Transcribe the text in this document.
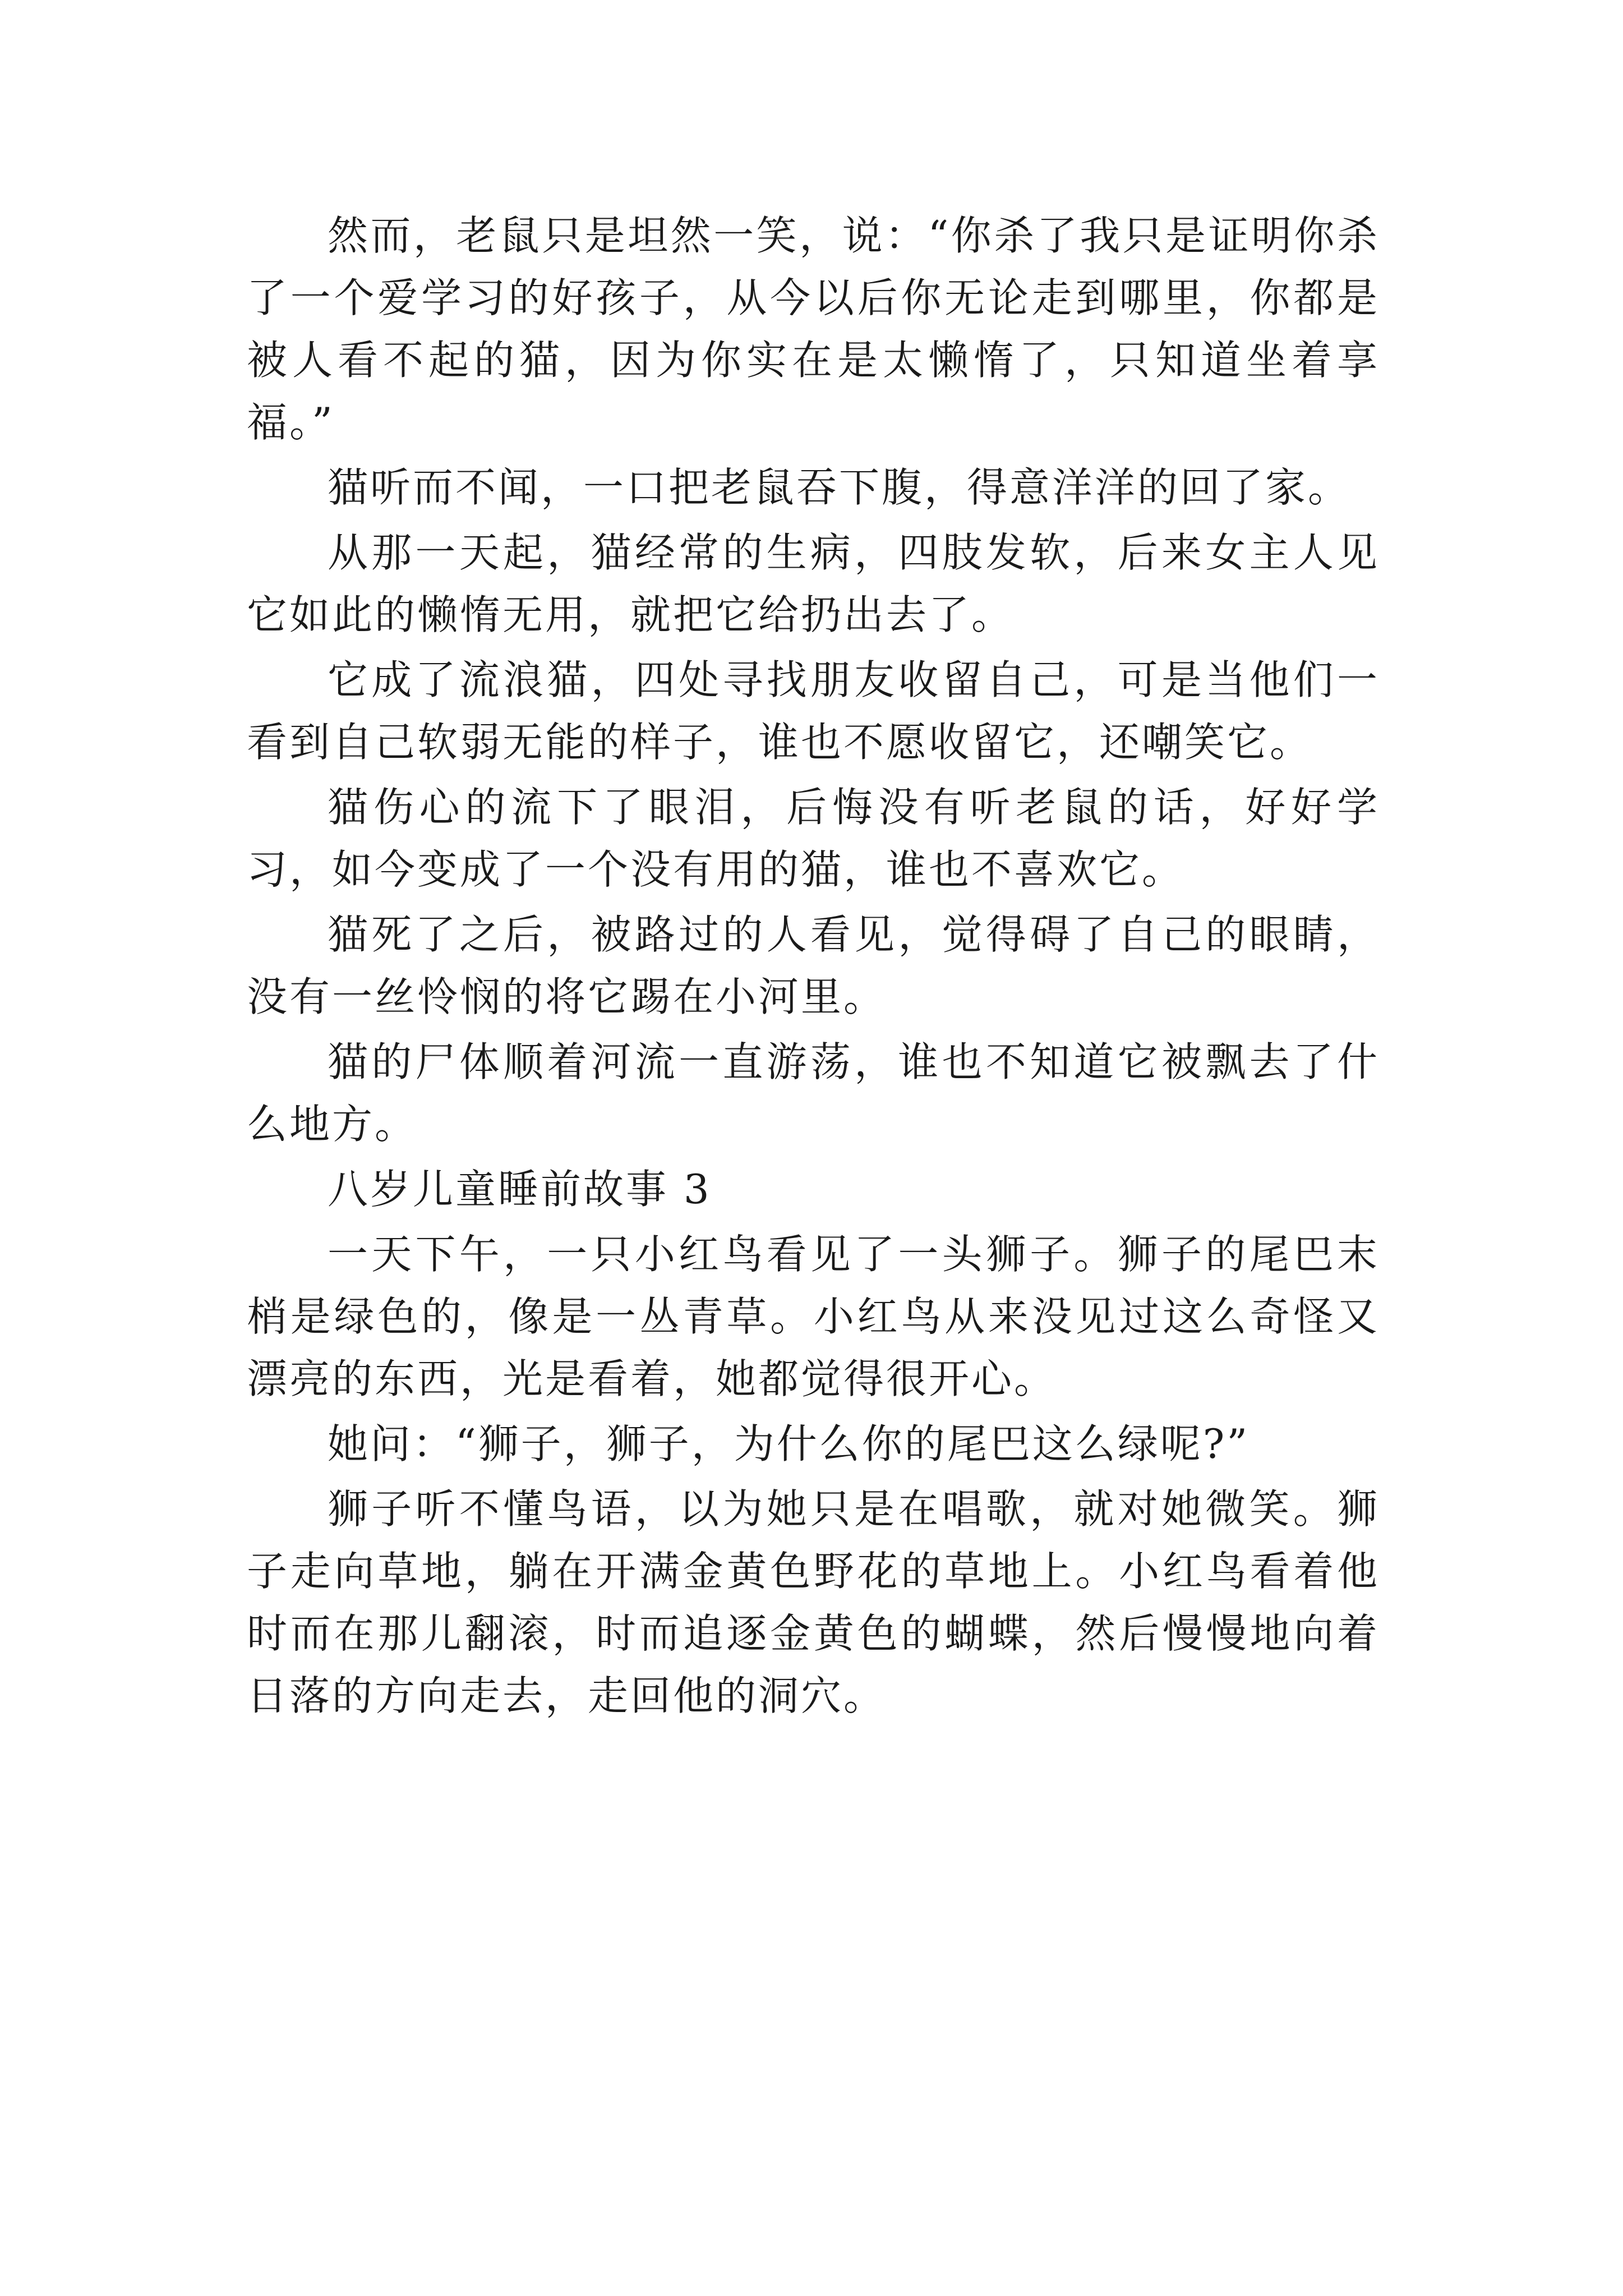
然而，老鼠只是坦然一笑，说：“你杀了我只是证明你杀了一个爱学习的好孩子，从今以后你无论走到哪里，你都是被人看不起的猫，因为你实在是太懒惰了，只知道坐着享福。”

猫听而不闻，一口把老鼠吞下腹，得意洋洋的回了家。

从那一天起，猫经常的生病，四肢发软，后来女主人见它如此的懒惰无用，就把它给扔出去了。

它成了流浪猫，四处寻找朋友收留自己，可是当他们一看到自己软弱无能的样子，谁也不愿收留它，还嘲笑它。

猫伤心的流下了眼泪，后悔没有听老鼠的话，好好学习，如今变成了一个没有用的猫，谁也不喜欢它。

猫死了之后，被路过的人看见，觉得碍了自己的眼睛，没有一丝怜悯的将它踢在小河里。

猫的尸体顺着河流一直游荡，谁也不知道它被飘去了什么地方。

八岁儿童睡前故事 3

一天下午，一只小红鸟看见了一头狮子。狮子的尾巴末梢是绿色的，像是一丛青草。小红鸟从来没见过这么奇怪又漂亮的东西，光是看着，她都觉得很开心。

她问：“狮子，狮子，为什么你的尾巴这么绿呢?”

狮子听不懂鸟语，以为她只是在唱歌，就对她微笑。狮子走向草地，躺在开满金黄色野花的草地上。小红鸟看着他时而在那儿翻滚，时而追逐金黄色的蝴蝶，然后慢慢地向着日落的方向走去，走回他的洞穴。
